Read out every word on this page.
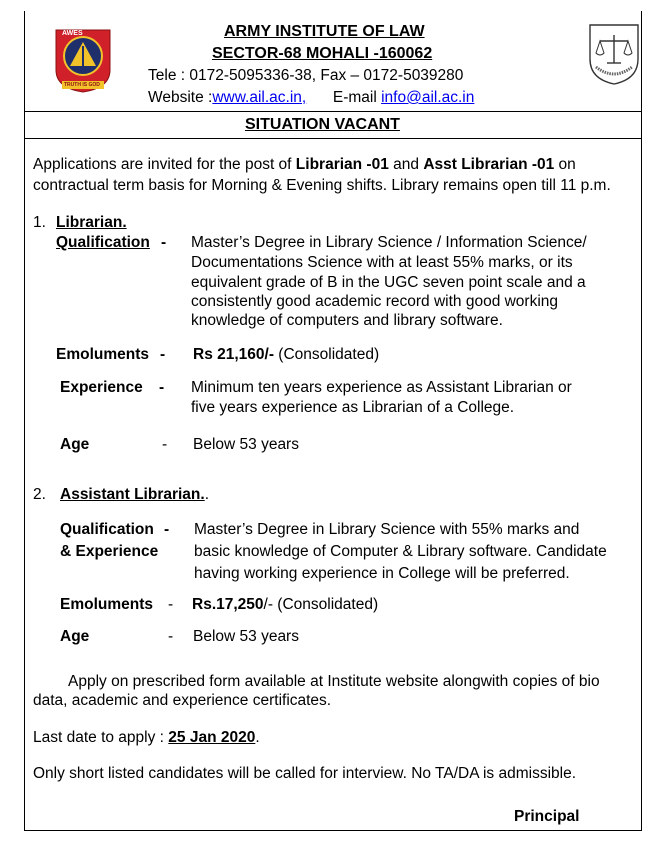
AWES
TRUTH IS GOD
ARMY INSTITUTE OF LAW
SECTOR-68 MOHALI -160062
Tele : 0172-5095336-38, Fax – 0172-5039280
Website :www.ail.ac.in, E-mail info@ail.ac.in
SITUATION VACANT
Applications are invited for the post of Librarian -01 and Asst Librarian -01 on
contractual term basis for Morning & Evening shifts. Library remains open till 11 p.m.
1. Librarian.
Qualification - Master’s Degree in Library Science / Information Science/
Documentations Science with at least 55% marks, or its
equivalent grade of B in the UGC seven point scale and a
consistently good academic record with good working
knowledge of computers and library software.
Emoluments - Rs 21,160/- (Consolidated)
Experience - Minimum ten years experience as Assistant Librarian or
five years experience as Librarian of a College.
Age	- Below 53 years
2. Assistant Librarian..
Qualification -
& Experience
Master’s Degree in Library Science with 55% marks and
basic knowledge of Computer & Library software. Candidate
having working experience in College will be preferred.
Emoluments - Rs.17,250/- (Consolidated)
Age	- Below 53 years
Apply on prescribed form available at Institute website alongwith copies of bio
data, academic and experience certificates.
Last date to apply : 25 Jan 2020.
Only short listed candidates will be called for interview. No TA/DA is admissible.
Principal
